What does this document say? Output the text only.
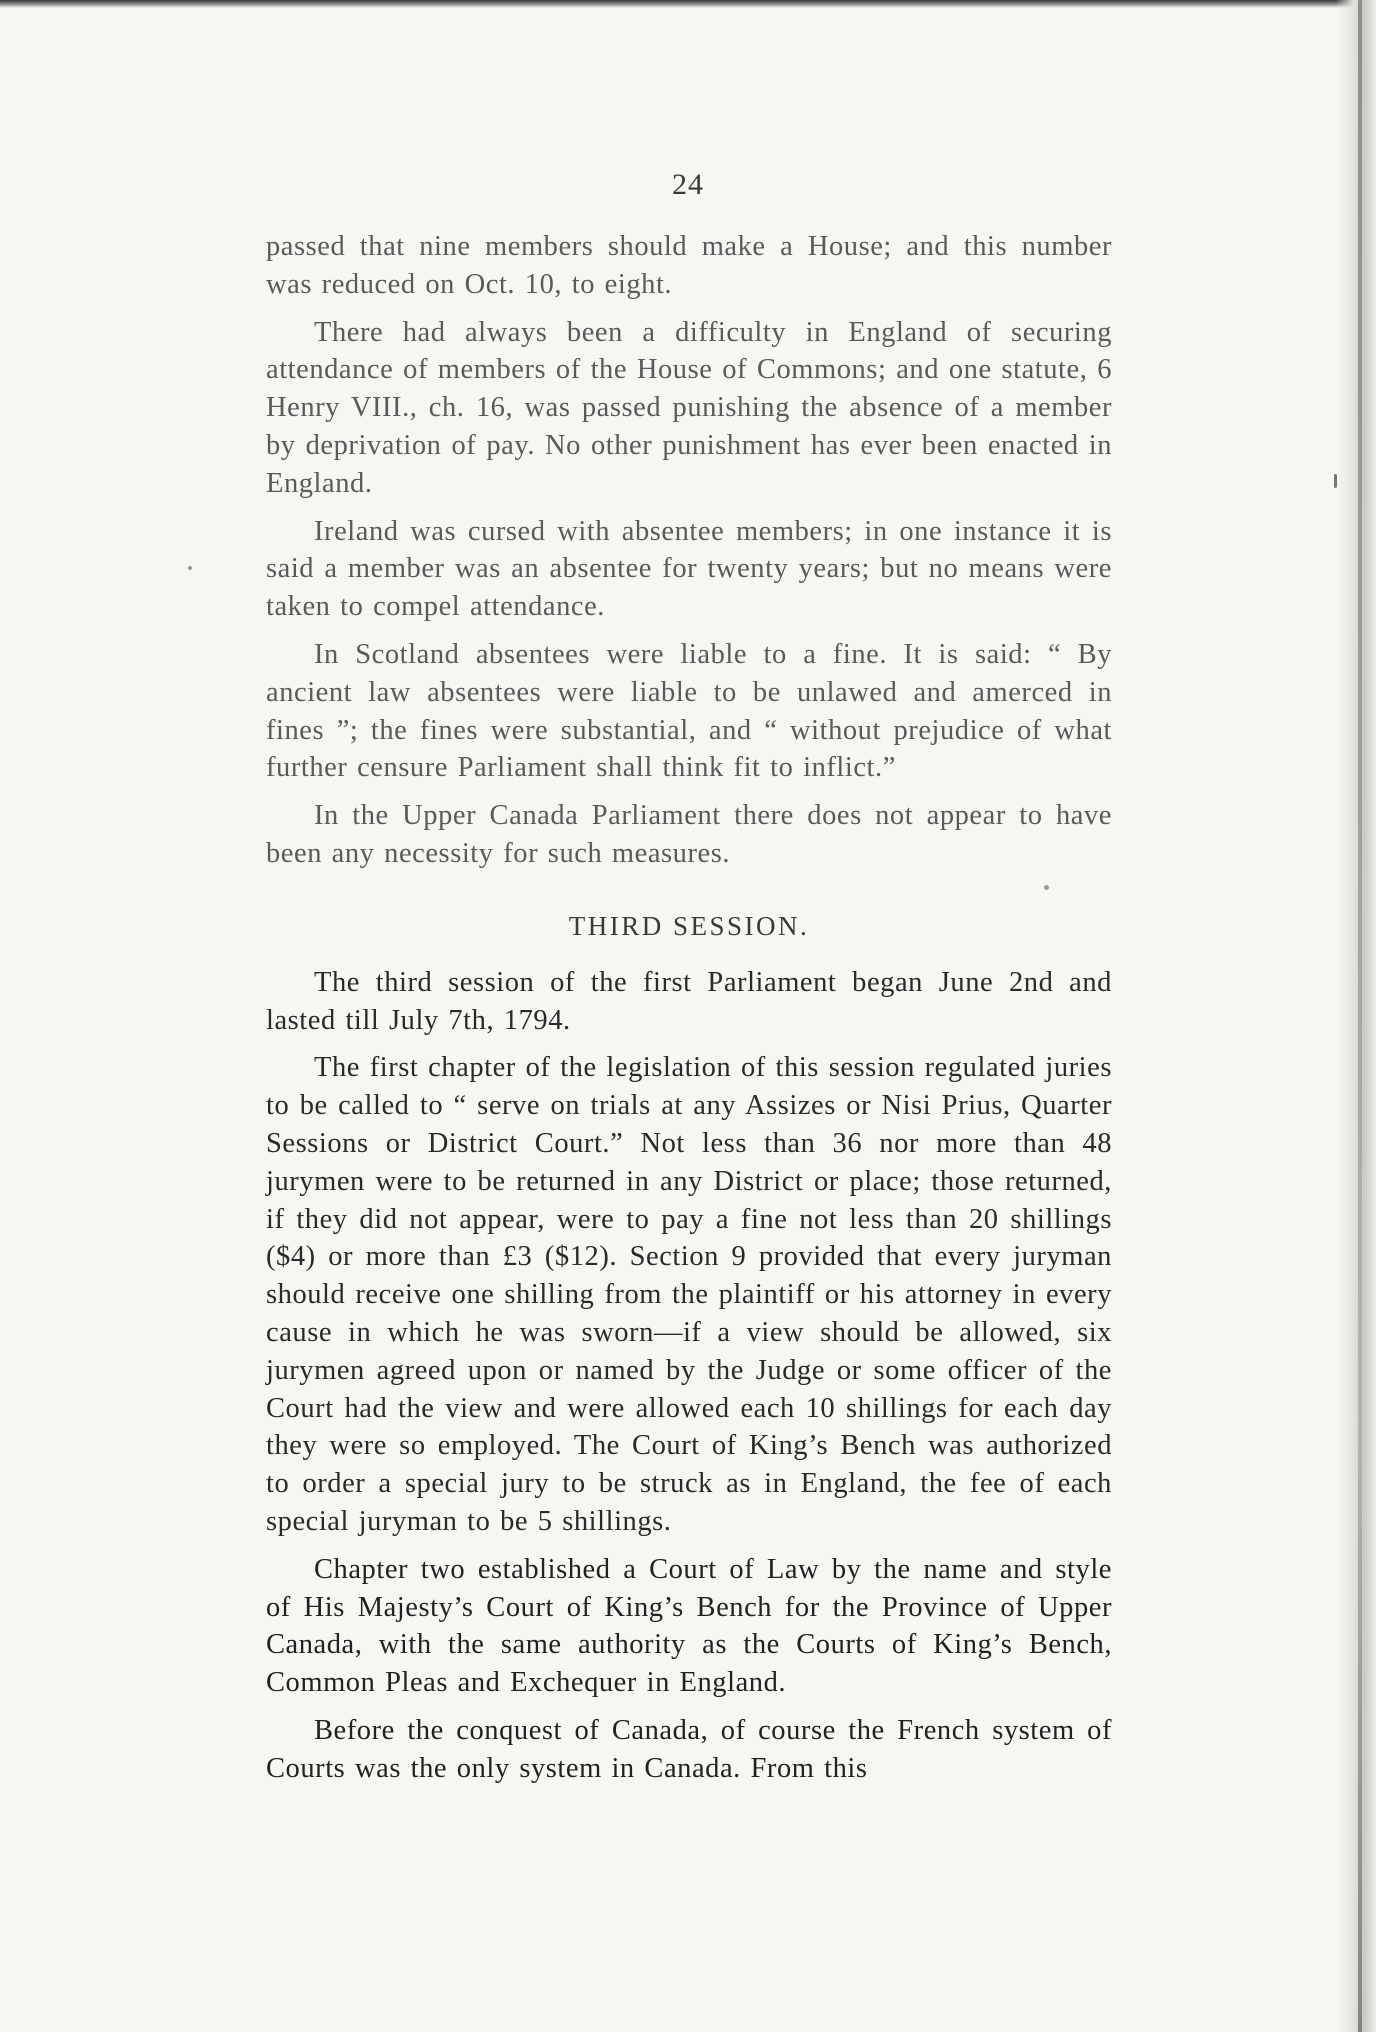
24

passed that nine members should make a House; and this number was reduced on Oct. 10, to eight.

There had always been a difficulty in England of securing attendance of members of the House of Commons; and one statute, 6 Henry VIII., ch. 16, was passed punishing the absence of a member by deprivation of pay. No other punishment has ever been enacted in England.

Ireland was cursed with absentee members; in one instance it is said a member was an absentee for twenty years; but no means were taken to compel attendance.

In Scotland absentees were liable to a fine. It is said: “ By ancient law absentees were liable to be unlawed and amerced in fines ”; the fines were substantial, and “ without prejudice of what further censure Parliament shall think fit to inflict.”

In the Upper Canada Parliament there does not appear to have been any necessity for such measures.

THIRD SESSION.

The third session of the first Parliament began June 2nd and lasted till July 7th, 1794.

The first chapter of the legislation of this session regulated juries to be called to “ serve on trials at any Assizes or Nisi Prius, Quarter Sessions or District Court.” Not less than 36 nor more than 48 jurymen were to be returned in any District or place; those returned, if they did not appear, were to pay a fine not less than 20 shillings ($4) or more than £3 ($12). Section 9 provided that every juryman should receive one shilling from the plaintiff or his attorney in every cause in which he was sworn—if a view should be allowed, six jurymen agreed upon or named by the Judge or some officer of the Court had the view and were allowed each 10 shillings for each day they were so employed. The Court of King’s Bench was authorized to order a special jury to be struck as in England, the fee of each special juryman to be 5 shillings.

Chapter two established a Court of Law by the name and style of His Majesty’s Court of King’s Bench for the Province of Upper Canada, with the same authority as the Courts of King’s Bench, Common Pleas and Exchequer in England.

Before the conquest of Canada, of course the French system of Courts was the only system in Canada. From this
